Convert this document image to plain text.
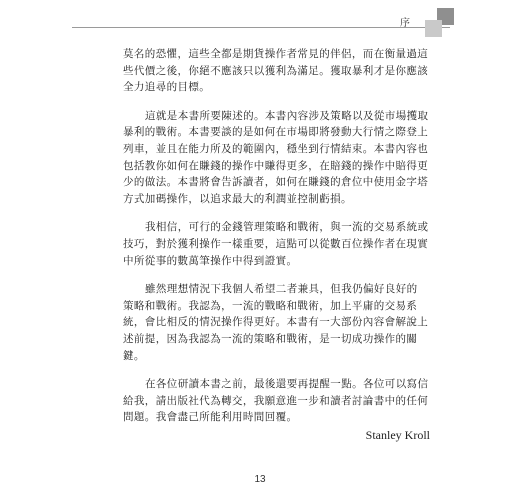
序
莫名的恐懼，這些全都是期貨操作者常見的伴侶，而在衡量過這
些代價之後，你絕不應該只以獲利為滿足。獲取暴利才是你應該
全力追尋的目標。
這就是本書所要陳述的。本書內容涉及策略以及從市場擭取
暴利的戰術。本書要談的是如何在市場即將發動大行情之際登上
列車，並且在能力所及的範圍內，穩坐到行情結束。本書內容也
包括教你如何在賺錢的操作中賺得更多，在賠錢的操作中賠得更
少的做法。本書將會告訴讀者，如何在賺錢的倉位中使用金字塔
方式加碼操作，以追求最大的利潤並控制虧損。
我相信，可行的金錢管理策略和戰術，與一流的交易系統或
技巧，對於獲利操作一樣重要，這點可以從數百位操作者在現實
中所從事的數萬筆操作中得到證實。
雖然理想情況下我個人希望二者兼具，但我仍偏好良好的
策略和戰術。我認為，一流的戰略和戰術，加上平庸的交易系
統，會比相反的情況操作得更好。本書有一大部份內容會解說上
述前提，因為我認為一流的策略和戰術，是一切成功操作的關
鍵。
在各位研讀本書之前，最後還要再提醒一點。各位可以寫信
給我，請出版社代為轉交，我願意進一步和讀者討論書中的任何
問題。我會盡己所能利用時間回覆。
Stanley Kroll
13
